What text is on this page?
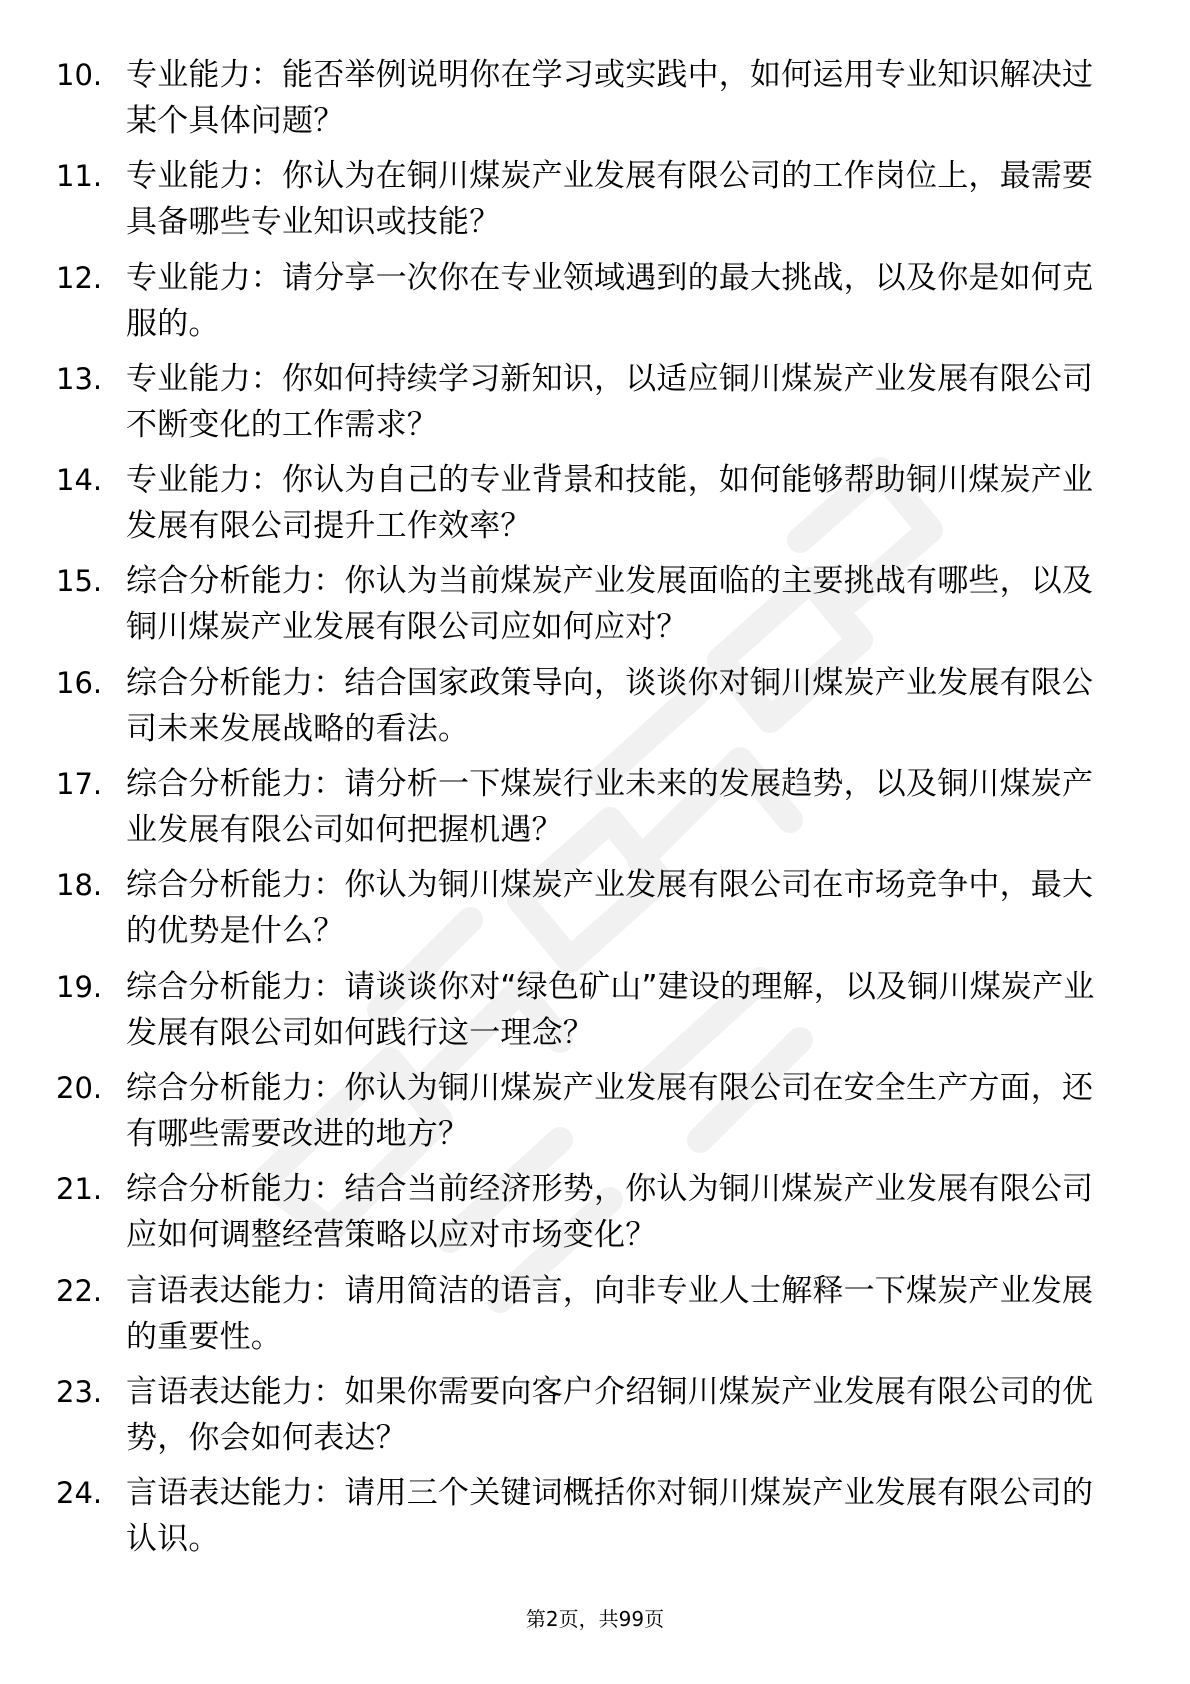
10. 专业能力：能否举例说明你在学习或实践中，如何运用专业知识解决过某个具体问题？
11. 专业能力：你认为在铜川煤炭产业发展有限公司的工作岗位上，最需要具备哪些专业知识或技能？
12. 专业能力：请分享一次你在专业领域遇到的最大挑战，以及你是如何克服的。
13. 专业能力：你如何持续学习新知识，以适应铜川煤炭产业发展有限公司不断变化的工作需求？
14. 专业能力：你认为自己的专业背景和技能，如何能够帮助铜川煤炭产业发展有限公司提升工作效率？
15. 综合分析能力：你认为当前煤炭产业发展面临的主要挑战有哪些，以及铜川煤炭产业发展有限公司应如何应对？
16. 综合分析能力：结合国家政策导向，谈谈你对铜川煤炭产业发展有限公司未来发展战略的看法。
17. 综合分析能力：请分析一下煤炭行业未来的发展趋势，以及铜川煤炭产业发展有限公司如何把握机遇？
18. 综合分析能力：你认为铜川煤炭产业发展有限公司在市场竞争中，最大的优势是什么？
19. 综合分析能力：请谈谈你对“绿色矿山”建设的理解，以及铜川煤炭产业发展有限公司如何践行这一理念？
20. 综合分析能力：你认为铜川煤炭产业发展有限公司在安全生产方面，还有哪些需要改进的地方？
21. 综合分析能力：结合当前经济形势，你认为铜川煤炭产业发展有限公司应如何调整经营策略以应对市场变化？
22. 言语表达能力：请用简洁的语言，向非专业人士解释一下煤炭产业发展的重要性。
23. 言语表达能力：如果你需要向客户介绍铜川煤炭产业发展有限公司的优势，你会如何表达？
24. 言语表达能力：请用三个关键词概括你对铜川煤炭产业发展有限公司的认识。
第2页，共99页
